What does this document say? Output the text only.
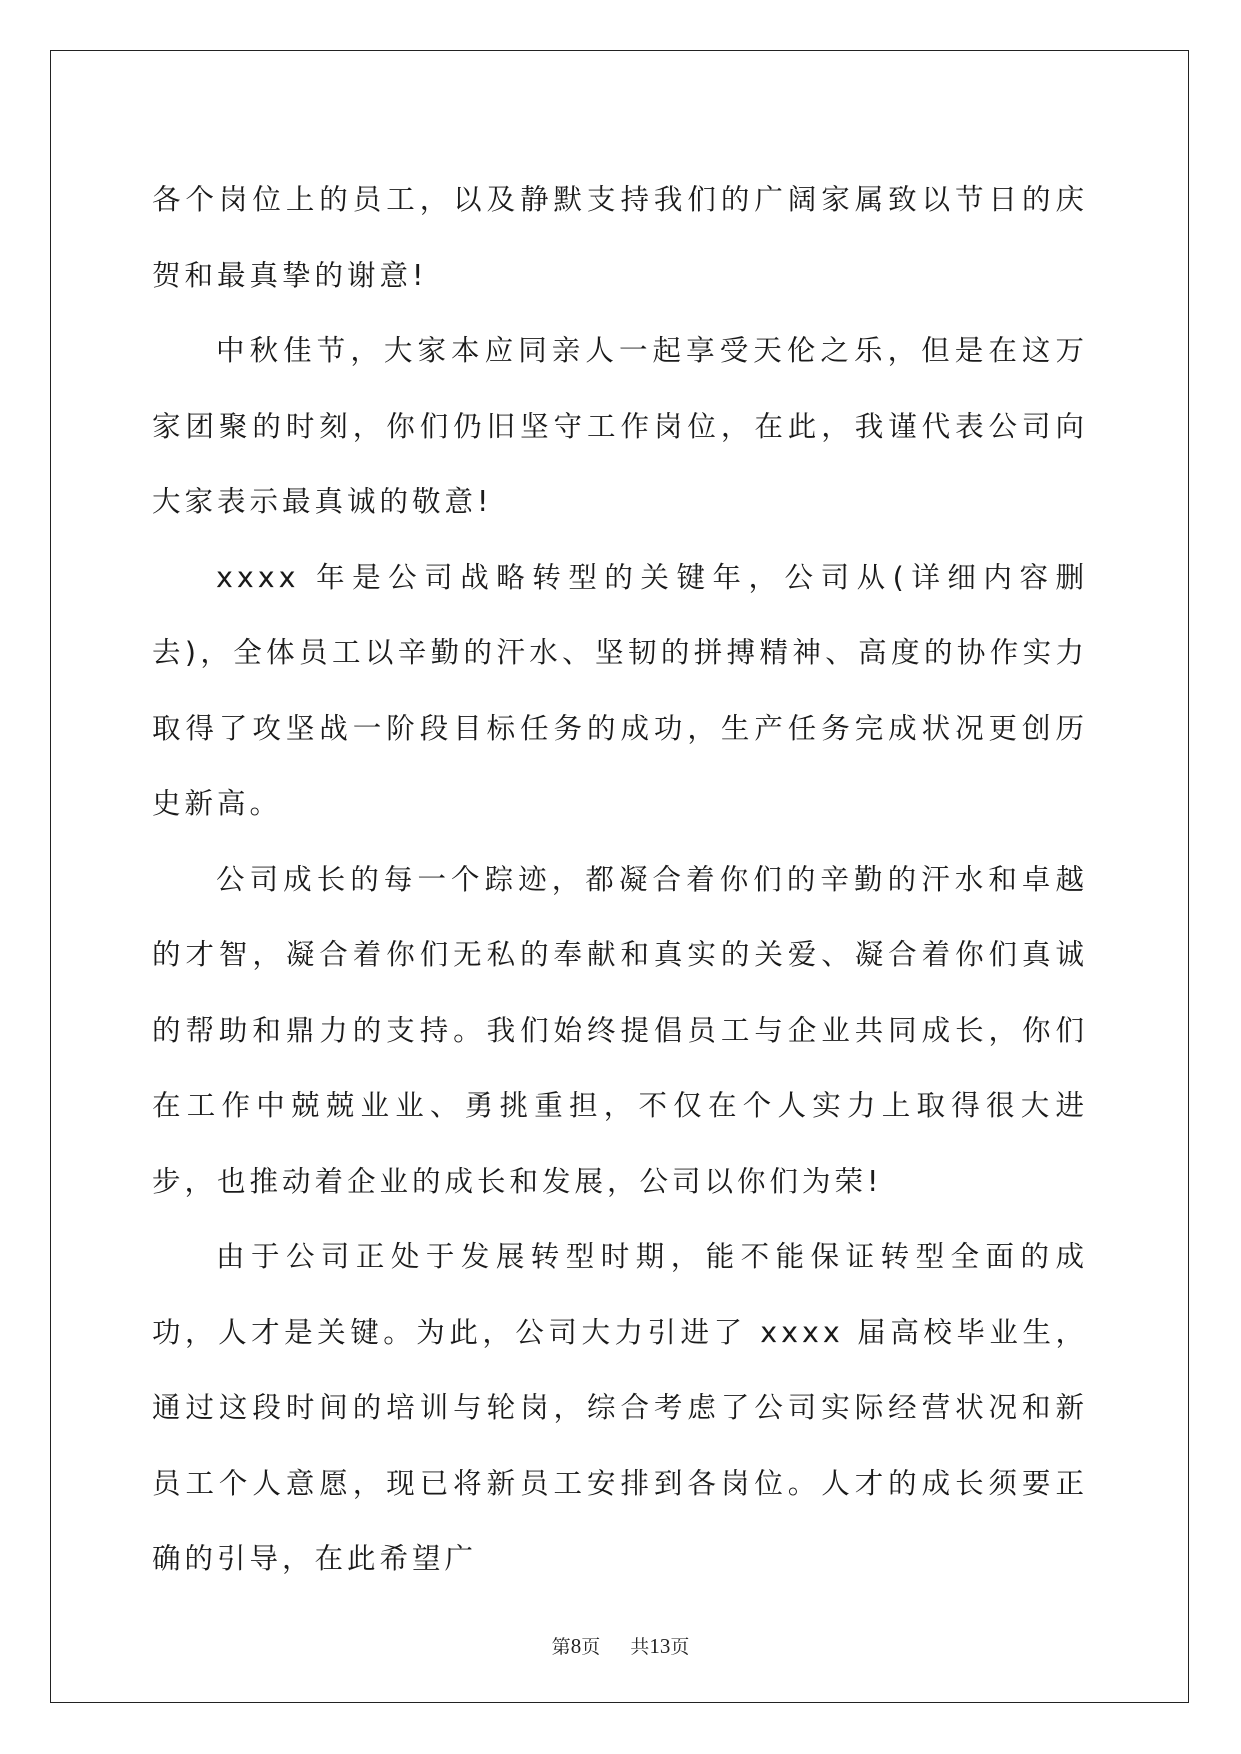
各个岗位上的员工，以及静默支持我们的广阔家属致以节日的庆贺和最真挚的谢意!

中秋佳节，大家本应同亲人一起享受天伦之乐，但是在这万家团聚的时刻，你们仍旧坚守工作岗位，在此，我谨代表公司向大家表示最真诚的敬意!

xxxx 年是公司战略转型的关键年，公司从(详细内容删去)，全体员工以辛勤的汗水、坚韧的拼搏精神、高度的协作实力取得了攻坚战一阶段目标任务的成功，生产任务完成状况更创历史新高。

公司成长的每一个踪迹，都凝合着你们的辛勤的汗水和卓越的才智，凝合着你们无私的奉献和真实的关爱、凝合着你们真诚的帮助和鼎力的支持。我们始终提倡员工与企业共同成长，你们在工作中兢兢业业、勇挑重担，不仅在个人实力上取得很大进步，也推动着企业的成长和发展，公司以你们为荣!

由于公司正处于发展转型时期，能不能保证转型全面的成功，人才是关键。为此，公司大力引进了 xxxx 届高校毕业生，通过这段时间的培训与轮岗，综合考虑了公司实际经营状况和新员工个人意愿，现已将新员工安排到各岗位。人才的成长须要正确的引导，在此希望广

第8页 共13页
